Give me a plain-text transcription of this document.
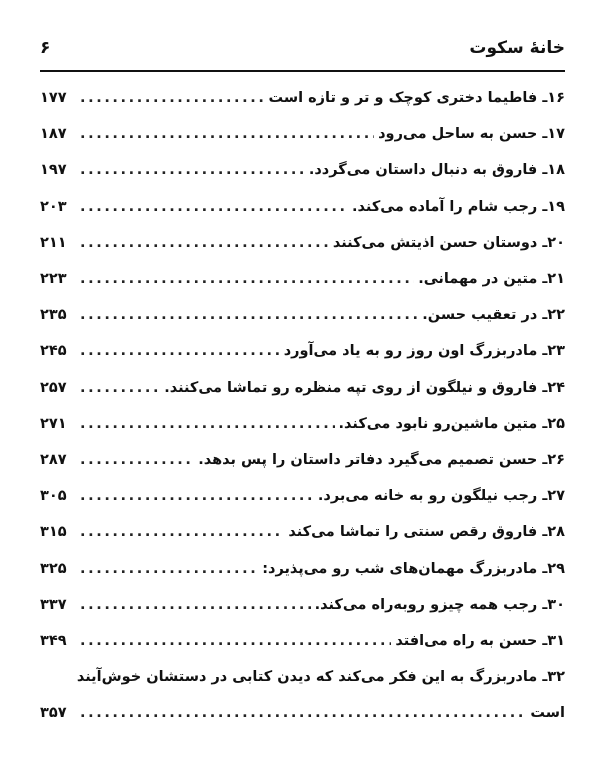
خانهٔ سکوت
۶
۱۶ـ فاطیما دختری کوچک و تر و تازه است
.....
۱۷۷
۱۷ـ حسن به ساحل می‌رود
.....
۱۸۷
۱۸ـ فاروق به دنبال داستان می‌گردد.
.....
۱۹۷
۱۹ـ رجب شام را آماده می‌کند.
.....
۲۰۳
۲۰ـ دوستان حسن اذیتش می‌کنند
.....
۲۱۱
۲۱ـ متین در مهمانی.
.....
۲۲۳
۲۲ـ در تعقیب حسن.
.....
۲۳۵
۲۳ـ مادربزرگ اون روز رو به یاد می‌آورد
.....
۲۴۵
۲۴ـ فاروق و نیلگون از روی تپه منظره رو تماشا می‌کنند.
.....
۲۵۷
۲۵ـ متین ماشین‌رو نابود می‌کند.
.....
۲۷۱
۲۶ـ حسن تصمیم می‌گیرد دفاتر داستان را پس بدهد.
.....
۲۸۷
۲۷ـ رجب نیلگون رو به خانه می‌برد.
.....
۳۰۵
۲۸ـ فاروق رقص سنتی را تماشا می‌کند
.....
۳۱۵
۲۹ـ مادربزرگ مهمان‌های شب رو می‌پذیرد:
.....
۳۲۵
۳۰ـ رجب همه چیزو روبه‌راه می‌کند.
.....
۳۳۷
۳۱ـ حسن به راه می‌افتد
.....
۳۴۹
۳۲ـ مادربزرگ به این فکر می‌کند که دیدن کتابی در دستشان خوش‌آیند
است
.....
۳۵۷
